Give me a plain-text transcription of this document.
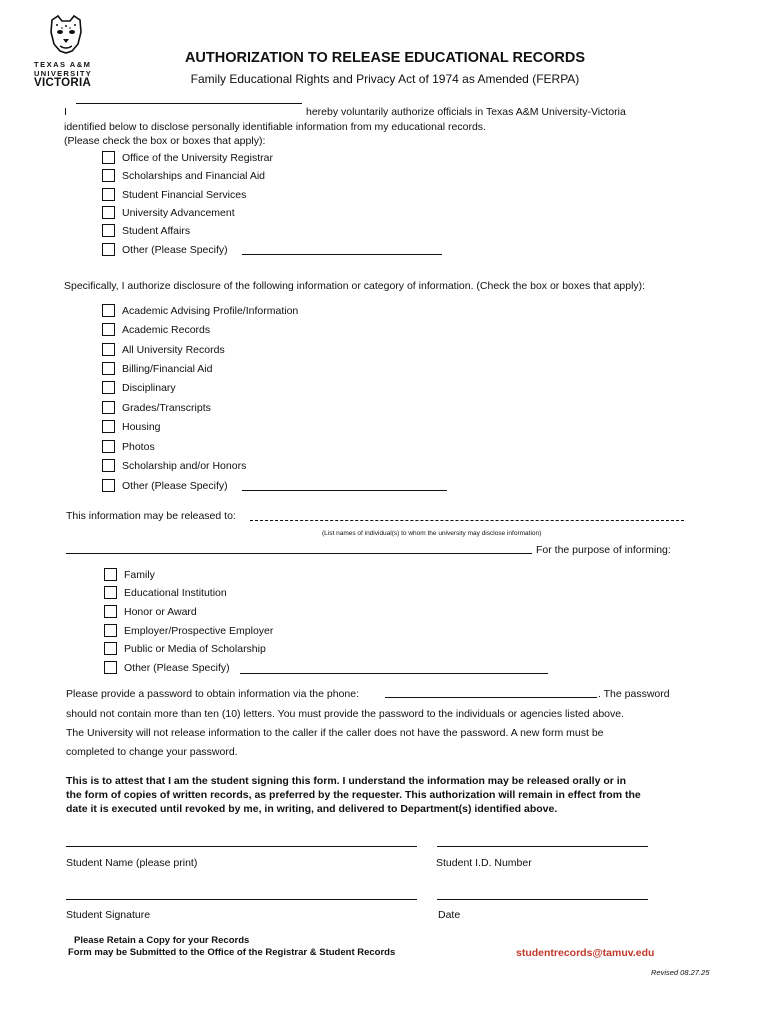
TEXAS A&M
UNIVERSITY
VICTORIA
AUTHORIZATION TO RELEASE EDUCATIONAL RECORDS
Family Educational Rights and Privacy Act of 1974 as Amended (FERPA)
I	hereby voluntarily authorize officials in Texas A&M University-Victoria
identified below to disclose personally identifiable information from my educational records.
(Please check the box or boxes that apply):
Office of the University Registrar
Scholarships and Financial Aid
Student Financial Services
University Advancement
Student Affairs
Other (Please Specify)
Specifically, I authorize disclosure of the following information or category of information. (Check the box or boxes that apply):
Academic Advising Profile/Information
Academic Records
All University Records
Billing/Financial Aid
Disciplinary
Grades/Transcripts
Housing
Photos
Scholarship and/or Honors
Other (Please Specify)
This information may be released to:
(List names of individual(s) to whom the university may disclose information)
For the purpose of informing:
Family
Educational Institution
Honor or Award
Employer/Prospective Employer
Public or Media of Scholarship
Other (Please Specify)
Please provide a password to obtain information via the phone:	. The password
should not contain more than ten (10) letters. You must provide the password to the individuals or agencies listed above.
The University will not release information to the caller if the caller does not have the password. A new form must be
completed to change your password.
This is to attest that I am the student signing this form. I understand the information may be released orally or in
the form of copies of written records, as preferred by the requester. This authorization will remain in effect from the
date it is executed until revoked by me, in writing, and delivered to Department(s) identified above.
Student Name (please print)	Student I.D. Number
Student Signature	Date
Please Retain a Copy for your Records
Form may be Submitted to the Office of the Registrar & Student Records	studentrecords@tamuv.edu
Revised 08.27.25
